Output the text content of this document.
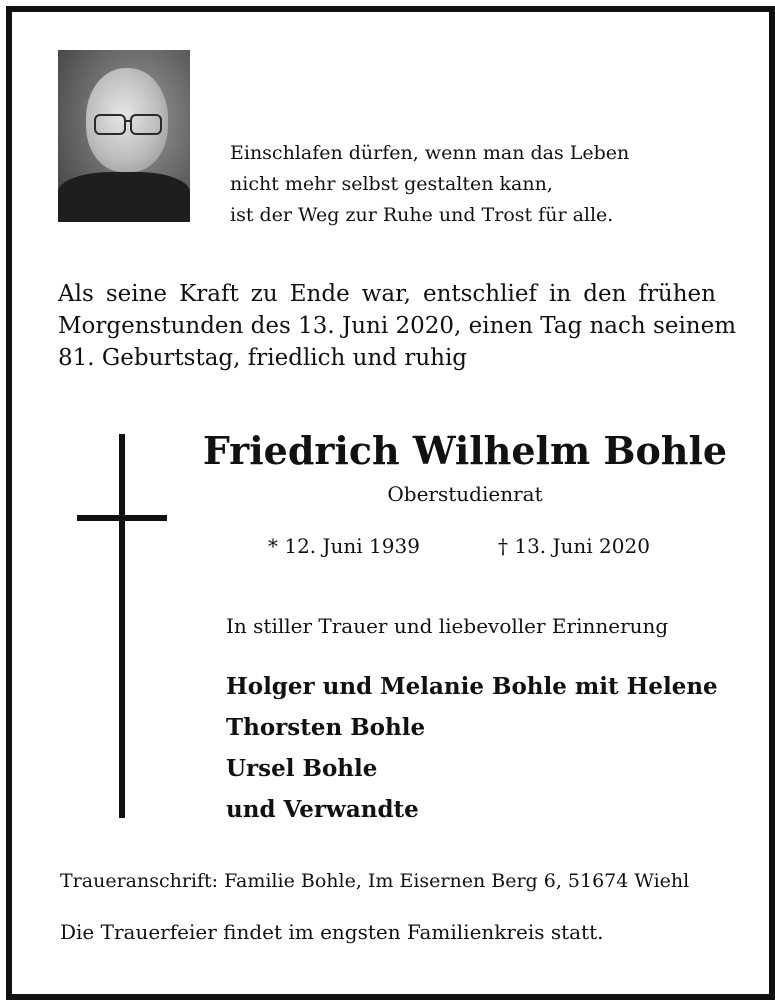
Einschlafen dürfen, wenn man das Leben
nicht mehr selbst gestalten kann,
ist der Weg zur Ruhe und Trost für alle.
Als seine Kraft zu Ende war, entschlief in den frühen
Morgenstunden des 13. Juni 2020, einen Tag nach seinem
81. Geburtstag, friedlich und ruhig
Friedrich Wilhelm Bohle
Oberstudienrat
* 12. Juni 1939	† 13. Juni 2020
In stiller Trauer und liebevoller Erinnerung
Holger und Melanie Bohle mit Helene
Thorsten Bohle
Ursel Bohle
und Verwandte
Traueranschrift: Familie Bohle, Im Eisernen Berg 6, 51674 Wiehl
Die Trauerfeier findet im engsten Familienkreis statt.
